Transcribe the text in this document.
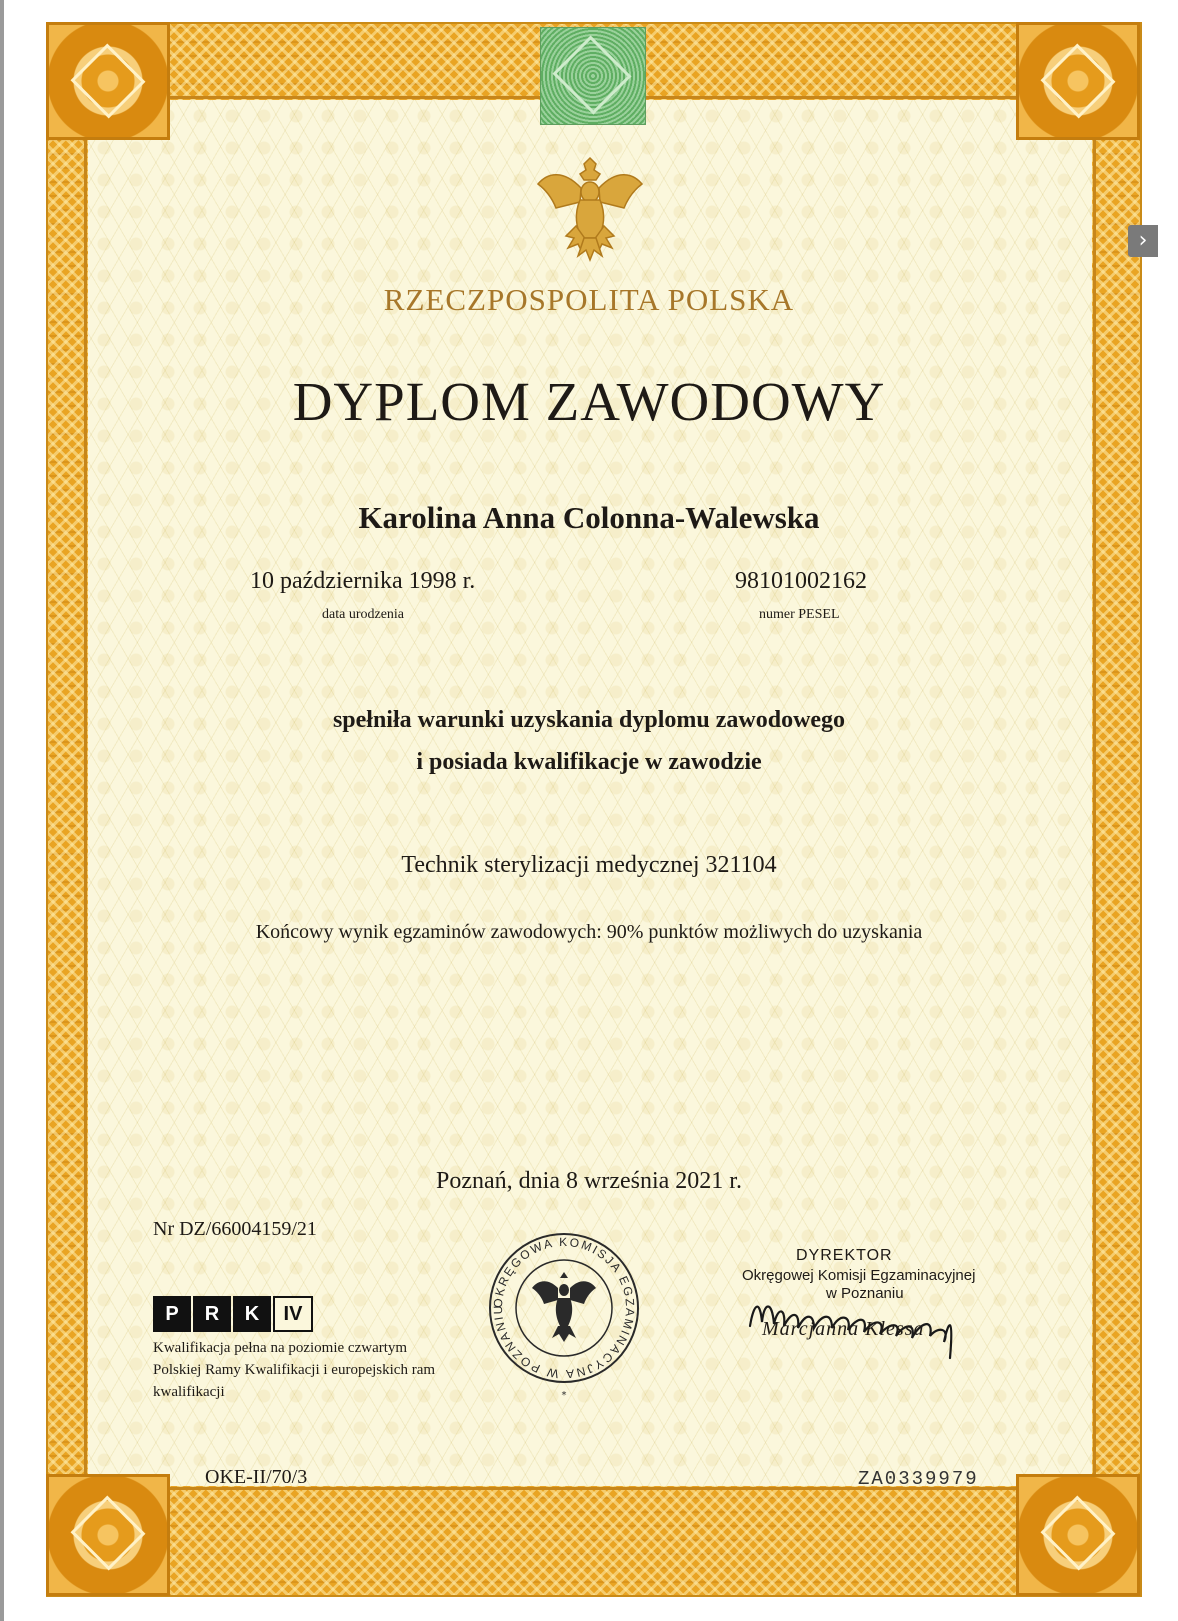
›
RZECZPOSPOLITA POLSKA
DYPLOM ZAWODOWY
Karolina Anna Colonna-Walewska
10 października 1998 r.
data urodzenia
98101002162
numer PESEL
spełniła warunki uzyskania dyplomu zawodowego
i posiada kwalifikacje w zawodzie
Technik sterylizacji medycznej 321104
Końcowy wynik egzaminów zawodowych: 90% punktów możliwych do uzyskania
Poznań, dnia 8 września 2021 r.
Nr DZ/66004159/21
P	R	K	IV
Kwalifikacja pełna na poziomie czwartym Polskiej Ramy Kwalifikacji i europejskich ram kwalifikacji
OKRĘGOWA KOMISJA EGZAMINACYJNA W POZNANIU
*
DYREKTOR
Okręgowej Komisji Egzaminacyjnej
w Poznaniu
Marcjanna Klessa
OKE-II/70/3	ZA0339979
